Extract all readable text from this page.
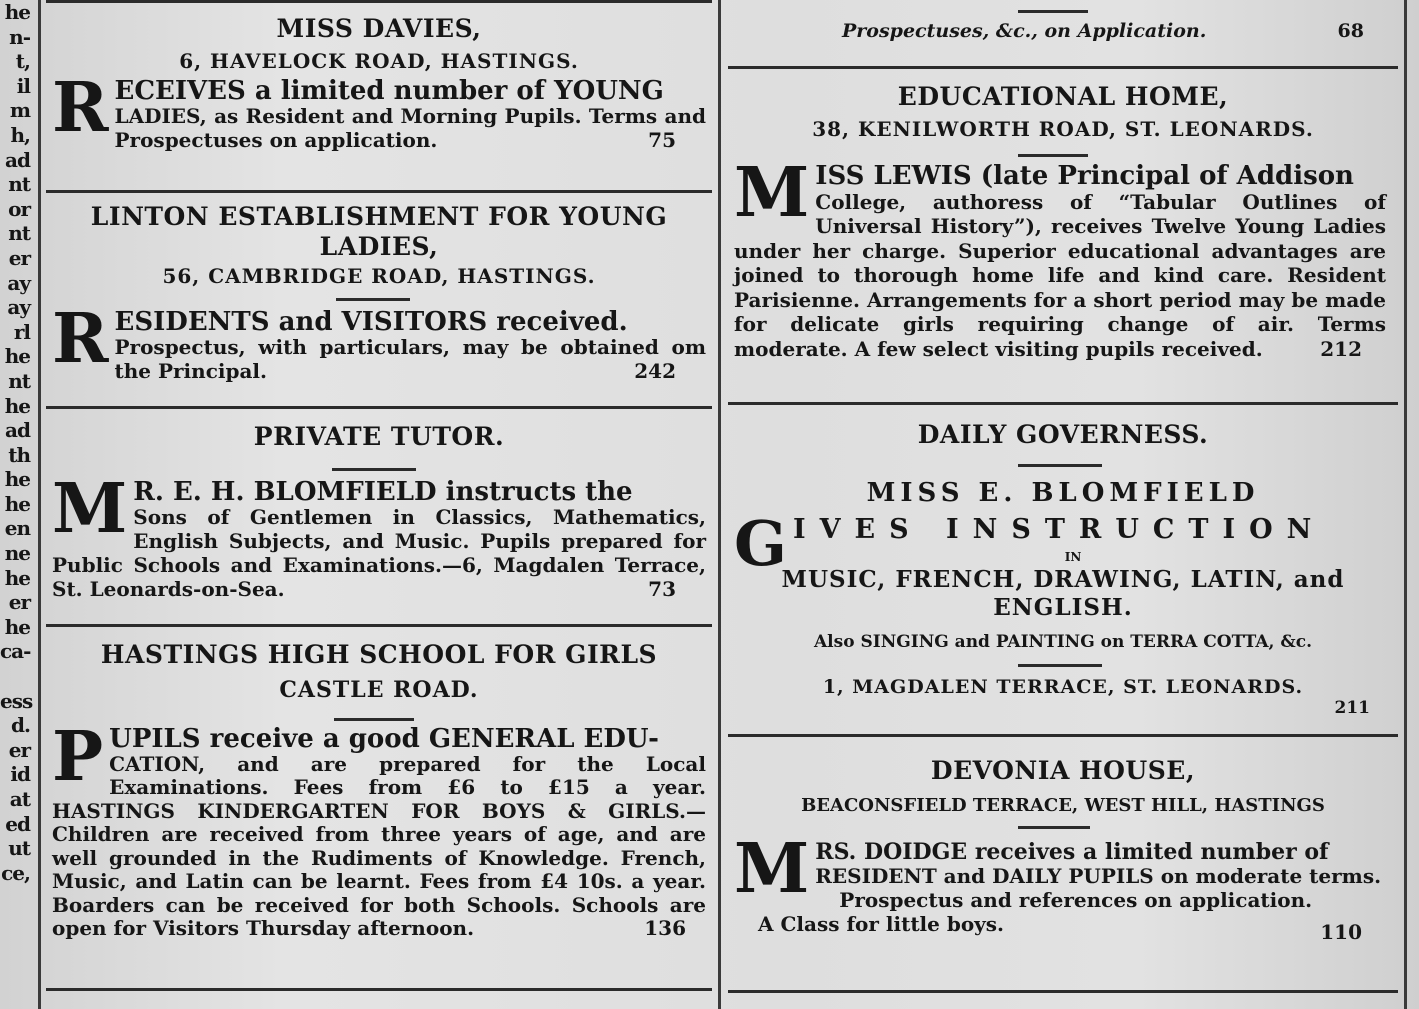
he
n-
t,
il
m
h,
ad
nt
or
nt
er
ay
ay
rl
he
nt
he
ad
th
he
he
en
ne
he
er
he
ca-
ess
d.
er
id
at
ed
ut
ce,
MISS DAVIES,
6, HAVELOCK ROAD, HASTINGS.
R ECEIVES a limited number of YOUNG
LADIES, as Resident and Morning Pupils. Terms and Prospectuses on application.	75
LINTON ESTABLISHMENT FOR YOUNG LADIES,
56, CAMBRIDGE ROAD, HASTINGS.
R ESIDENTS and VISITORS received.
Prospectus, with particulars, may be obtained om the Principal.	242
PRIVATE TUTOR.
M R. E. H. BLOMFIELD instructs the
Sons of Gentlemen in Classics, Mathematics, English Subjects, and Music. Pupils prepared for Public Schools and Examinations.—6, Magdalen Terrace, St. Leonards-on-Sea.	73
HASTINGS HIGH SCHOOL FOR GIRLS
CASTLE ROAD.
P UPILS receive a good GENERAL EDU-
CATION, and are prepared for the Local Examinations. Fees from £6 to £15 a year. HASTINGS KINDERGARTEN FOR BOYS & GIRLS.—Children are received from three years of age, and are well grounded in the Rudiments of Knowledge. French, Music, and Latin can be learnt. Fees from £4 10s. a year. Boarders can be received for both Schools. Schools are open for Visitors Thursday afternoon.	136
Prospectuses, &c., on Application.	68
EDUCATIONAL HOME,
38, KENILWORTH ROAD, ST. LEONARDS.
M ISS LEWIS (late Principal of Addison
College, authoress of “Tabular Outlines of Universal History”), receives Twelve Young Ladies under her charge. Superior educational advantages are joined to thorough home life and kind care. Resident Parisienne. Arrangements for a short period may be made for delicate girls requiring change of air. Terms moderate. A few select visiting pupils received.	212
DAILY GOVERNESS.
MISS E. BLOMFIELD
G IVES INSTRUCTION
IN
MUSIC, FRENCH, DRAWING, LATIN, and ENGLISH.
Also SINGING and PAINTING on TERRA COTTA, &c.
1, MAGDALEN TERRACE, ST. LEONARDS.
211
DEVONIA HOUSE,
BEACONSFIELD TERRACE, WEST HILL, HASTINGS
M RS. DOIDGE receives a limited number of
RESIDENT and DAILY PUPILS on moderate terms.
Prospectus and references on application.
A Class for little boys.	110
